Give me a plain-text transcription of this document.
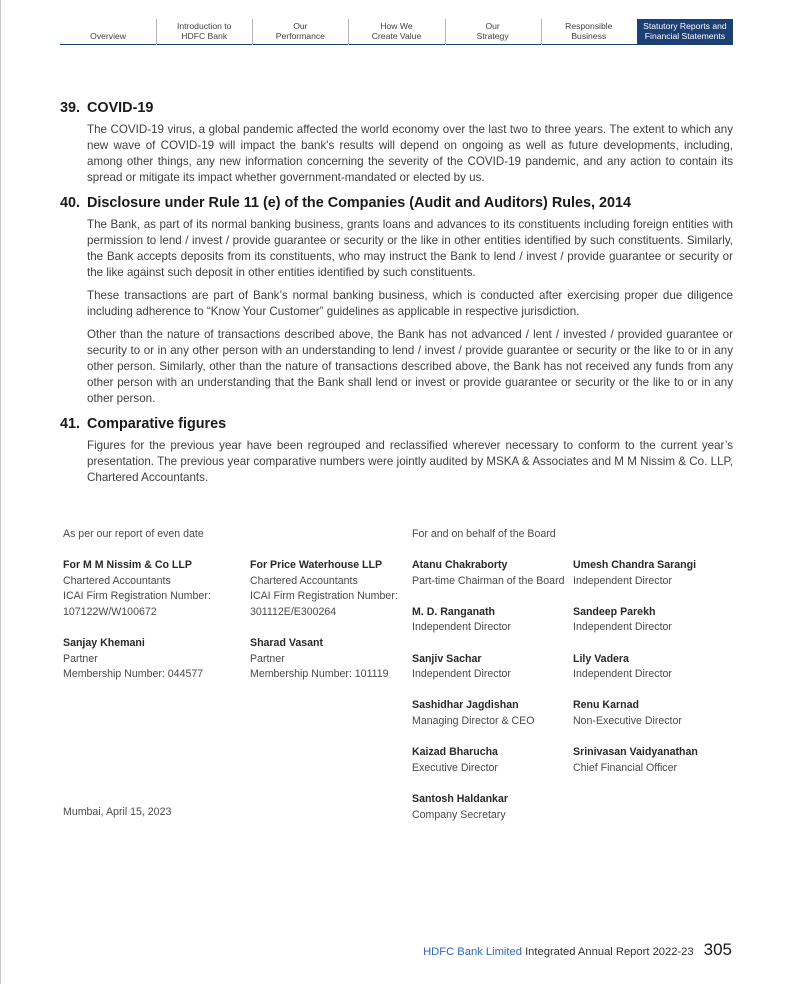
Overview
Introduction to
HDFC Bank
Our
Performance
How We
Create Value
Our
Strategy
Responsible
Business
Statutory Reports and
Financial Statements
39. COVID-19

The COVID-19 virus, a global pandemic affected the world economy over the last two to three years. The extent to which any new wave of COVID-19 will impact the bank's results will depend on ongoing as well as future developments, including, among other things, any new information concerning the severity of the COVID-19 pandemic, and any action to contain its spread or mitigate its impact whether government-mandated or elected by us.

40. Disclosure under Rule 11 (e) of the Companies (Audit and Auditors) Rules, 2014

The Bank, as part of its normal banking business, grants loans and advances to its constituents including foreign entities with permission to lend / invest / provide guarantee or security or the like in other entities identified by such constituents. Similarly, the Bank accepts deposits from its constituents, who may instruct the Bank to lend / invest / provide guarantee or security or the like against such deposit in other entities identified by such constituents.

These transactions are part of Bank’s normal banking business, which is conducted after exercising proper due diligence including adherence to “Know Your Customer” guidelines as applicable in respective jurisdiction.

Other than the nature of transactions described above, the Bank has not advanced / lent / invested / provided guarantee or security to or in any other person with an understanding to lend / invest / provide guarantee or security or the like to or in any other person. Similarly, other than the nature of transactions described above, the Bank has not received any funds from any other person with an understanding that the Bank shall lend or invest or provide guarantee or security or the like to or in any other person.

41. Comparative figures

Figures for the previous year have been regrouped and reclassified wherever necessary to conform to the current year’s presentation. The previous year comparative numbers were jointly audited by MSKA & Associates and M M Nissim & Co. LLP, Chartered Accountants.

As per our report of even date	For and on behalf of the Board
For M M Nissim & Co LLP
Chartered Accountants
ICAI Firm Registration Number:
107122W/W100672
Sanjay Khemani
Partner
Membership Number: 044577
For Price Waterhouse LLP
Chartered Accountants
ICAI Firm Registration Number:
301112E/E300264
Sharad Vasant
Partner
Membership Number: 101119
Atanu Chakraborty
Part-time Chairman of the Board
M. D. Ranganath
Independent Director
Sanjiv Sachar
Independent Director
Sashidhar Jagdishan
Managing Director & CEO
Kaizad Bharucha
Executive Director
Santosh Haldankar
Company Secretary
Umesh Chandra Sarangi
Independent Director
Sandeep Parekh
Independent Director
Lily Vadera
Independent Director
Renu Karnad
Non-Executive Director
Srinivasan Vaidyanathan
Chief Financial Officer
Mumbai, April 15, 2023
HDFC Bank Limited Integrated Annual Report 2022-23 305
